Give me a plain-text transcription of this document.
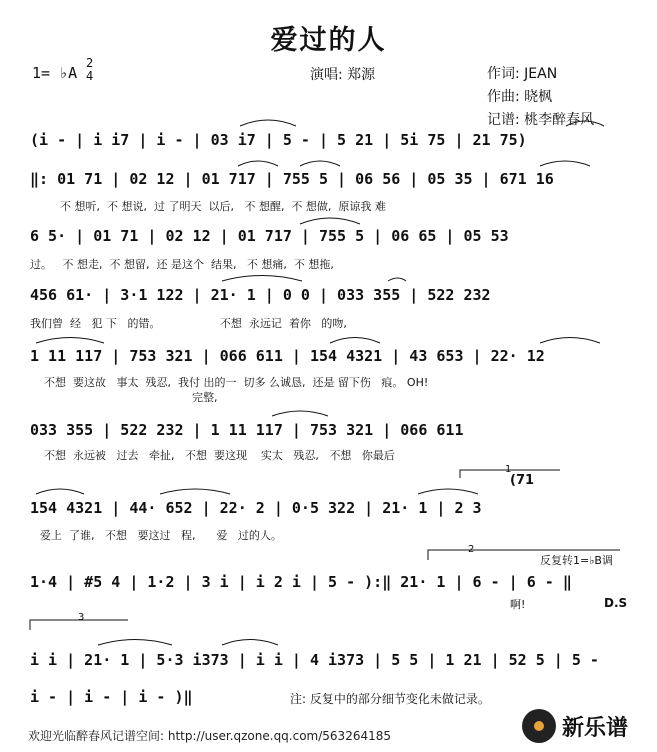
爱过的人
1= ♭A
2
4	演唱: 郑源	作词: JEAN
作曲: 晓枫
记谱: 桃李醉春风
(i - | i i7 | i - | 03 i7 | 5 - | 5 21 | 5i 75 | 21 75)
‖: 01 71 | 02 12 | 01 717 | 755 5 | 06 56 | 05 35 | 671 16
不 想听,  不 想说,  过 了明天  以后,   不 想醒,  不 想做,  原谅我 难
6 5· | 01 71 | 02 12 | 01 717 | 755 5 | 06 65 | 05 53
过。   不 想走,  不 想留,  还 是这个  结果,   不 想痛,  不 想拖,
456 61· | 3·1 122 | 21· 1 | 0 0 | 033 355 | 522 232
我们曾  经   犯 下   的错。                 不想  永远记  着你   的吻,
1 11 117 | 753 321 | 066 611 | 154 4321 | 43 653 | 22· 12
不想  要这故   事太  残忍,  我付 出的一  切多 么诚恳,  还是 留下伤   痕。 OH!
完整,
033 355 | 522 232 | 1 11 117 | 753 321 | 066 611
不想  永远被   过去   牵扯,   不想  要这现    实太   残忍,   不想   你最后
(71
154 4321 | 44· 652 | 22· 2 | 0·5 322 | 21· 1 | 2 3
爱上  了谁,   不想   要这过   程,      爱   过的人。
反复转1=♭B调
1·4 | #5 4 | 1·2 | 3 i | i 2 i | 5 - ):‖ 21· 1 | 6 - | 6 - ‖
啊!	D.S
i i | 21· 1 | 5·3 i373 | i i | 4 i373 | 5 5 | 1 21 | 52 5 | 5 -
i - | i - | i - )‖	注: 反复中的部分细节变化未做记录。
1
2
3
欢迎光临醉春风记谱空间: http://user.qzone.qq.com/563264185	新乐谱
